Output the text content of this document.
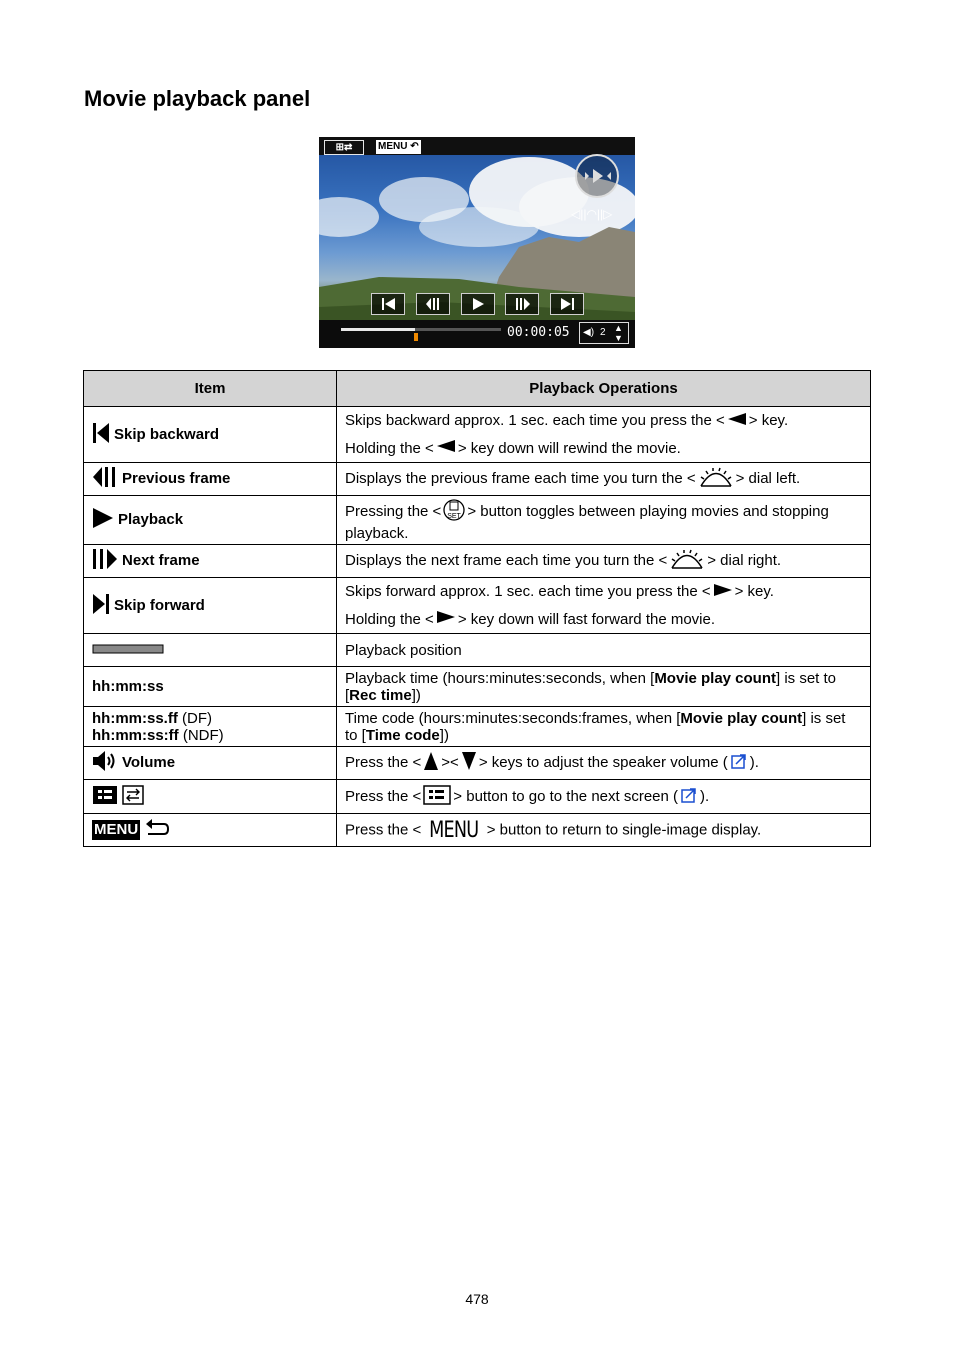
Movie playback panel
⊞⇄	MENU ↶
◁||◠||▷
00:00:05 ◀) 2 ▲
▼
Item	Playback Operations
Skip backward	Skips backward approx. 1 sec. each time you press the < > key.
Holding the < > key down will rewind the movie.

Previous frame	Displays the previous frame each time you turn the < > dial left.
Playback	Pressing the < SET > button toggles between playing movies and stopping playback.

Next frame	Displays the next frame each time you turn the < > dial right.
Skip forward	Skips forward approx. 1 sec. each time you press the < > key.
Holding the < > key down will fast forward the movie.

	Playback position
hh:mm:ss	Playback time (hours:minutes:seconds, when [Movie play count] is set to [Rec time])

hh:mm:ss.ff (DF)
hh:mm:ss:ff (NDF)	Time code (hours:minutes:seconds:frames, when [Movie play count] is set to [Time code])

Volume	Press the < >< > keys to adjust the speaker volume ( ).
	Press the < > button to go to the next screen ( ).
MENU	Press the < MENU > button to return to single-image display.
478
